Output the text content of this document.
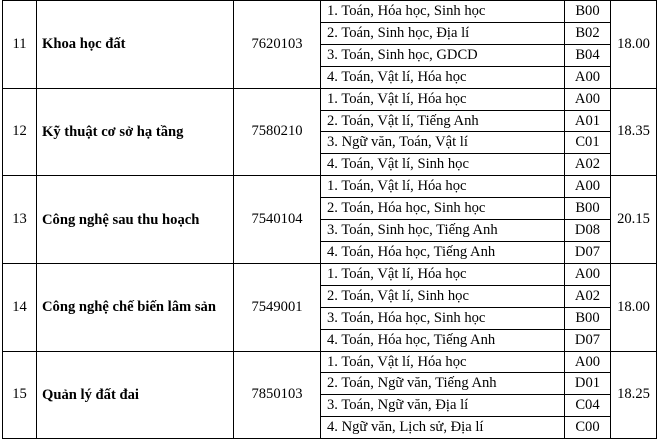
11	Khoa học đất	7620103	1. Toán, Hóa học, Sinh học	B00	18.00
			2. Toán, Sinh học, Địa lí	B02	
			3. Toán, Sinh học, GDCD	B04	
			4. Toán, Vật lí, Hóa học	A00	
12	Kỹ thuật cơ sở hạ tầng	7580210	1. Toán, Vật lí, Hóa học	A00	18.35
			2. Toán, Vật lí, Tiếng Anh	A01	
			3. Ngữ văn, Toán, Vật lí	C01	
			4. Toán, Vật lí, Sinh học	A02	
13	Công nghệ sau thu hoạch	7540104	1. Toán, Vật lí, Hóa học	A00	20.15
			2. Toán, Hóa học, Sinh học	B00	
			3. Toán, Sinh học, Tiếng Anh	D08	
			4. Toán, Hóa học, Tiếng Anh	D07	
14	Công nghệ chế biến lâm sản	7549001	1. Toán, Vật lí, Hóa học	A00	18.00
			2. Toán, Vật lí, Sinh học	A02	
			3. Toán, Hóa học, Sinh học	B00	
			4. Toán, Hóa học, Tiếng Anh	D07	
15	Quản lý đất đai	7850103	1. Toán, Vật lí, Hóa học	A00	18.25
			2. Toán, Ngữ văn, Tiếng Anh	D01	
			3. Toán, Ngữ văn, Địa lí	C04	
			4. Ngữ văn, Lịch sử, Địa lí	C00	
